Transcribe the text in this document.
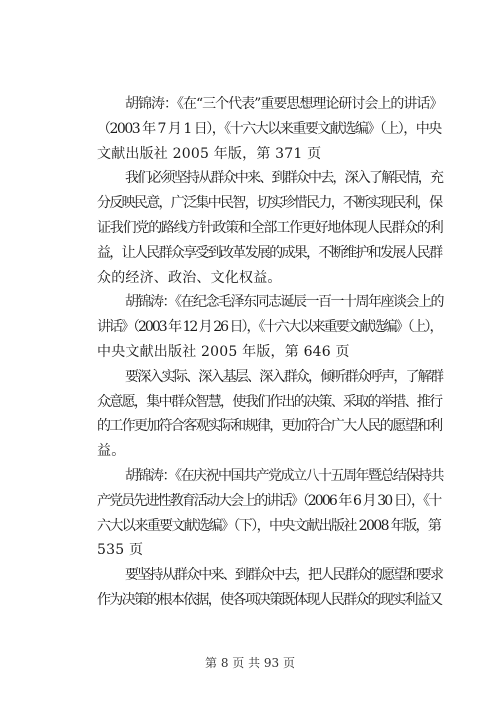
胡锦涛：《在“三个代表”重要思想理论研讨会上的讲话》
（2003 年 7 月 1 日），《十六大以来重要文献选编》（上），中央
文献出版社 2005 年版，第 371 页
我们必须坚持从群众中来、到群众中去，深入了解民情，充
分反映民意，广泛集中民智，切实珍惜民力，不断实现民利，保
证我们党的路线方针政策和全部工作更好地体现人民群众的利
益，让人民群众享受到改革发展的成果，不断维护和发展人民群
众的经济、政治、文化权益。
胡锦涛：《在纪念毛泽东同志诞辰一百一十周年座谈会上的
讲话》（2003 年 12 月 26 日），《十六大以来重要文献选编》（上），
中央文献出版社 2005 年版，第 646 页
要深入实际、深入基层、深入群众，倾听群众呼声，了解群
众意愿，集中群众智慧，使我们作出的决策、采取的举措、推行
的工作更加符合客观实际和规律，更加符合广大人民的愿望和利
益。
胡锦涛：《在庆祝中国共产党成立八十五周年暨总结保持共
产党员先进性教育活动大会上的讲话》（2006 年 6 月 30 日），《十
六大以来重要文献选编》（下），中央文献出版社 2008 年版，第
535 页
要坚持从群众中来、到群众中去，把人民群众的愿望和要求
作为决策的根本依据，使各项决策既体现人民群众的现实利益又
第 8 页 共 93 页
